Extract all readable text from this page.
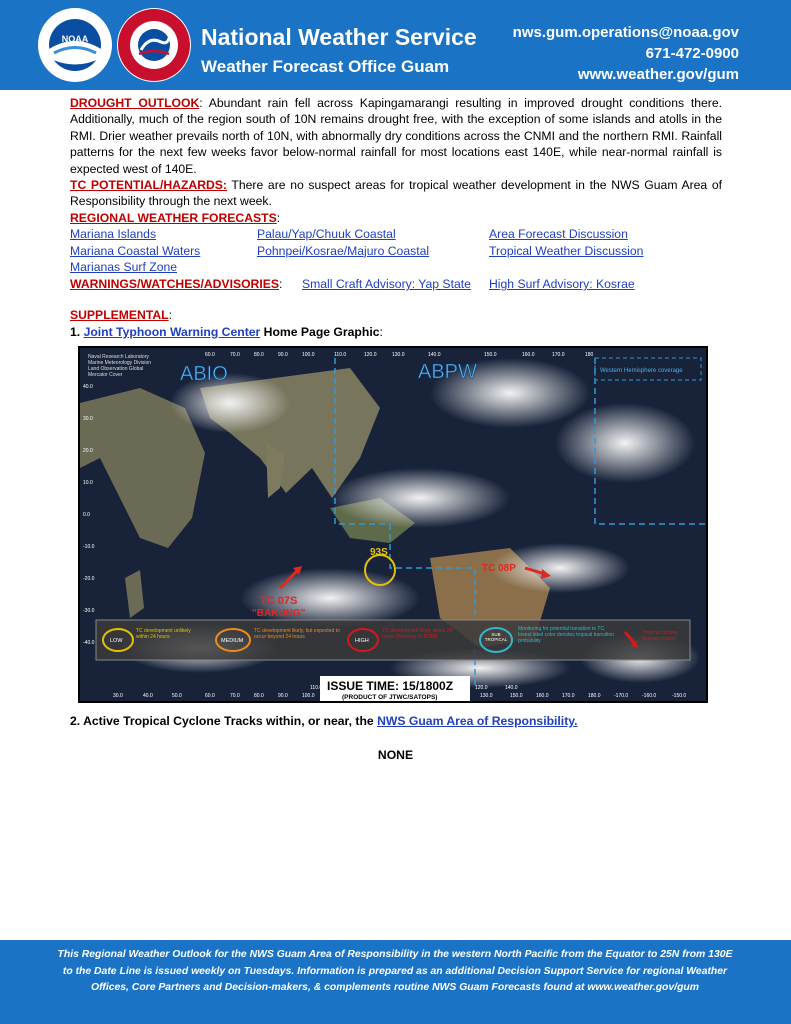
NOAA	National Weather Service
Weather Forecast Office Guam
nws.gum.operations@noaa.gov
671-472-0900
www.weather.gov/gum

DROUGHT OUTLOOK: Abundant rain fell across Kapingamarangi resulting in improved drought conditions there. Additionally, much of the region south of 10N remains drought free, with the exception of some islands and atolls in the RMI. Drier weather prevails north of 10N, with abnormally dry conditions across the CNMI and the northern RMI. Rainfall patterns for the next few weeks favor below-normal rainfall for most locations east 140E, while near-normal rainfall is expected west of 140E.

TC POTENTIAL/HAZARDS: There are no suspect areas for tropical weather development in the NWS Guam Area of Responsibility through the next week.

REGIONAL WEATHER FORECASTS:
Mariana Islands	Palau/Yap/Chuuk Coastal	Area Forecast Discussion
Mariana Coastal Waters	Pohnpei/Kosrae/Majuro Coastal	Tropical Weather Discussion
Marianas Surf Zone
WARNINGS/WATCHES/ADVISORIES: Small Craft Advisory: Yap State High Surf Advisory: Kosrae
SUPPLEMENTAL:
1. Joint Typhoon Warning Center Home Page Graphic:
Naval Research Laboratory
Marine Meteorology Division
Land Observation Global
Mercator Cover
Western Hemisphere coverage
ABIO	ABPW
60.0	70.0	80.0	90.0	100.0	110.0	120.0	130.0	140.0	150.0	160.0	170.0	180
40.0
30.0
20.0
10.0
0.0
-10.0
-20.0
-30.0
-40.0
93S
TC 07S
"BAKUNG"
TC 08P
LOW
TC development unlikely within 24 hours
MEDIUM
TC development likely, but expected to occur beyond 24 hours
HIGH
TC development likely within 24 hours (Warning or TCFA)	SUB TROPICAL
Monitoring for potential transition to TC. Invest label color denotes tropical transition probability
Tropical cyclone forecast motion
ISSUE TIME: 15/1800Z
(PRODUCT OF JTWC/SATOPS)
30.0	40.0	50.0	60.0	70.0	80.0	90.0	100.0
110.0	120.0
130.0
140.0
150.0	160.0	170.0	180.0	-170.0	-160.0	-150.0
2. Active Tropical Cyclone Tracks within, or near, the NWS Guam Area of Responsibility.
NONE
This Regional Weather Outlook for the NWS Guam Area of Responsibility in the western North Pacific from the Equator to 25N from 130E
to the Date Line is issued weekly on Tuesdays. Information is prepared as an additional Decision Support Service for regional Weather
Offices, Core Partners and Decision-makers, & complements routine NWS Guam Forecasts found at www.weather.gov/gum
